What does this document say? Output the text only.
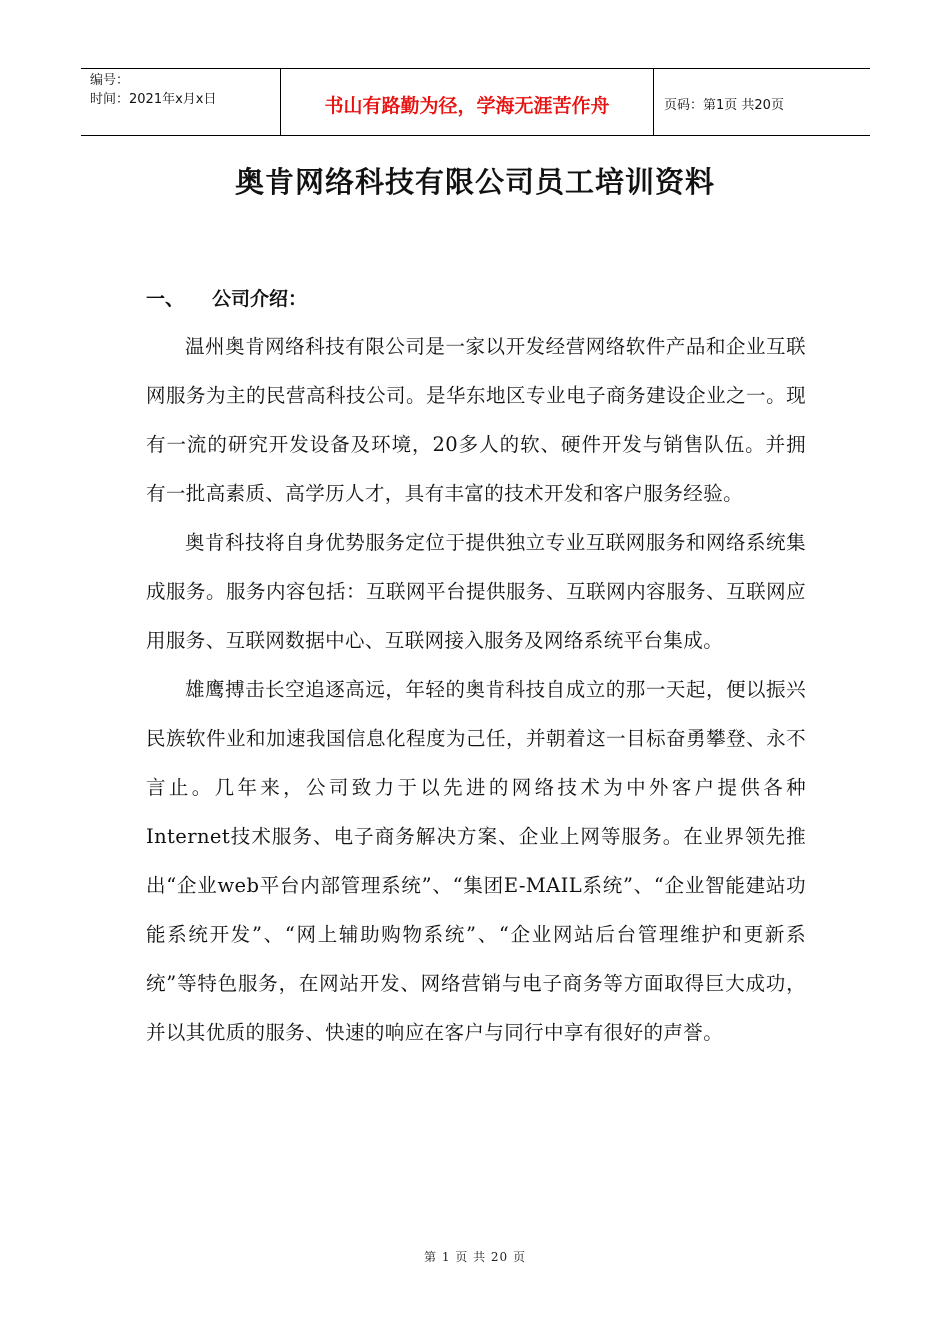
编号：
时间：2021年x月x日	书山有路勤为径，学海无涯苦作舟	页码：第1页 共20页
奥肯网络科技有限公司员工培训资料
一、	公司介绍：

温州奥肯网络科技有限公司是一家以开发经营网络软件产品和企业互联网服务为主的民营高科技公司。是华东地区专业电子商务建设企业之一。现有一流的研究开发设备及环境，20多人的软、硬件开发与销售队伍。并拥有一批高素质、高学历人才，具有丰富的技术开发和客户服务经验。

奥肯科技将自身优势服务定位于提供独立专业互联网服务和网络系统集成服务。服务内容包括：互联网平台提供服务、互联网内容服务、互联网应用服务、互联网数据中心、互联网接入服务及网络系统平台集成。

雄鹰搏击长空追逐高远，年轻的奥肯科技自成立的那一天起，便以振兴民族软件业和加速我国信息化程度为己任，并朝着这一目标奋勇攀登、永不言止。几年来，公司致力于以先进的网络技术为中外客户提供各种Internet技术服务、电子商务解决方案、企业上网等服务。在业界领先推出“企业web平台内部管理系统”、“集团E-MAIL系统”、“企业智能建站功能系统开发”、“网上辅助购物系统”、“企业网站后台管理维护和更新系统”等特色服务，在网站开发、网络营销与电子商务等方面取得巨大成功，并以其优质的服务、快速的响应在客户与同行中享有很好的声誉。

第 1 页 共 20 页
